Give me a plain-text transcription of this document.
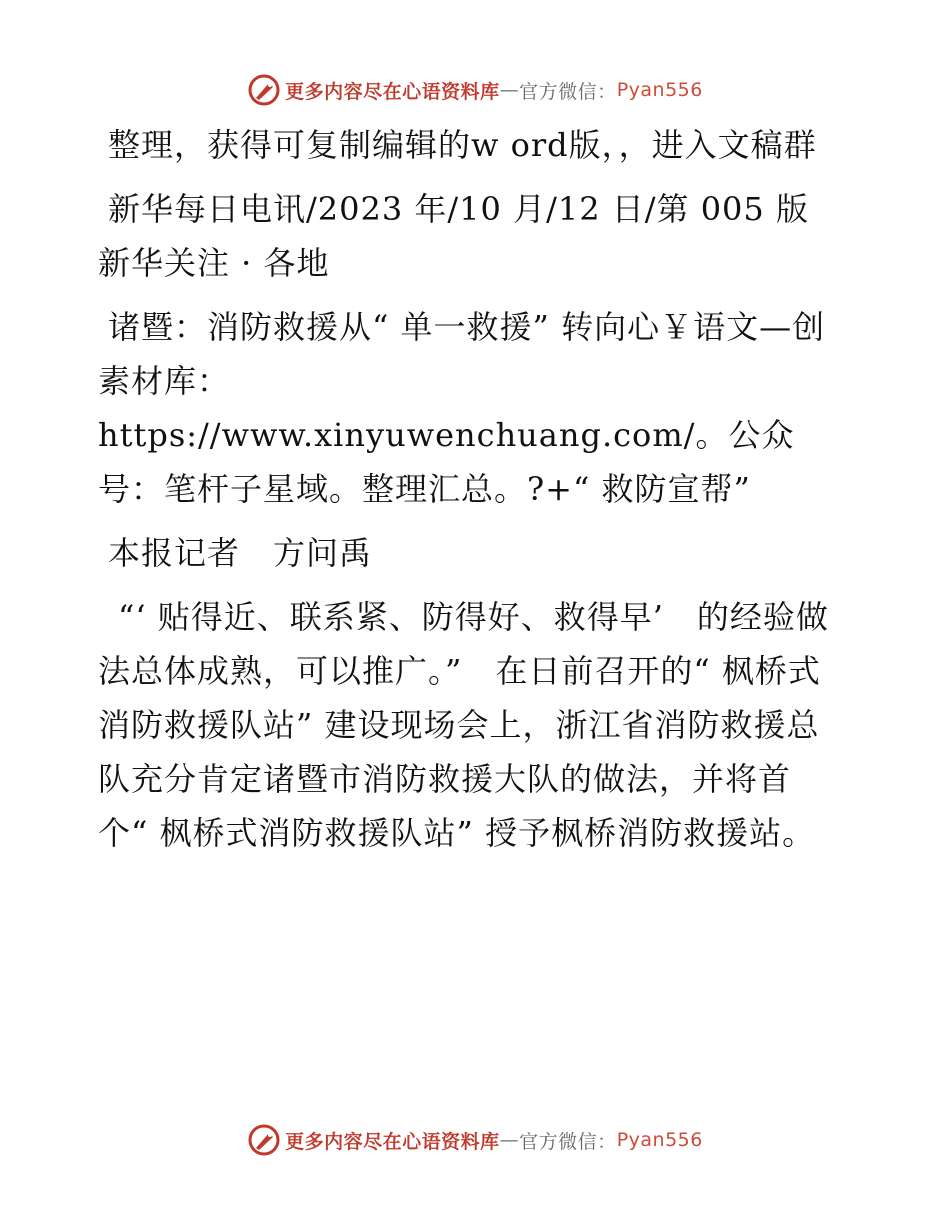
更多内容尽在心语资料库 — 官方微信： Pyan556

整理，获得可复制编辑的w ord版，，进入文稿群

新华每日电讯/2023 年/10 月/12 日/第 005 版新华关注 · 各地

诸暨：消防救援从“ 单一救援” 转向心￥语文—创素材库：https://www.xinyuwenchuang.com/。公众号：笔杆子星域。整理汇总。?+“ 救防宣帮”

本报记者　方问禹

“‘ 贴得近、联系紧、防得好、救得早’　的经验做法总体成熟，可以推广。”　在日前召开的“ 枫桥式消防救援队站” 建设现场会上，浙江省消防救援总队充分肯定诸暨市消防救援大队的做法，并将首个“ 枫桥式消防救援队站” 授予枫桥消防救援站。

更多内容尽在心语资料库 — 官方微信： Pyan556
